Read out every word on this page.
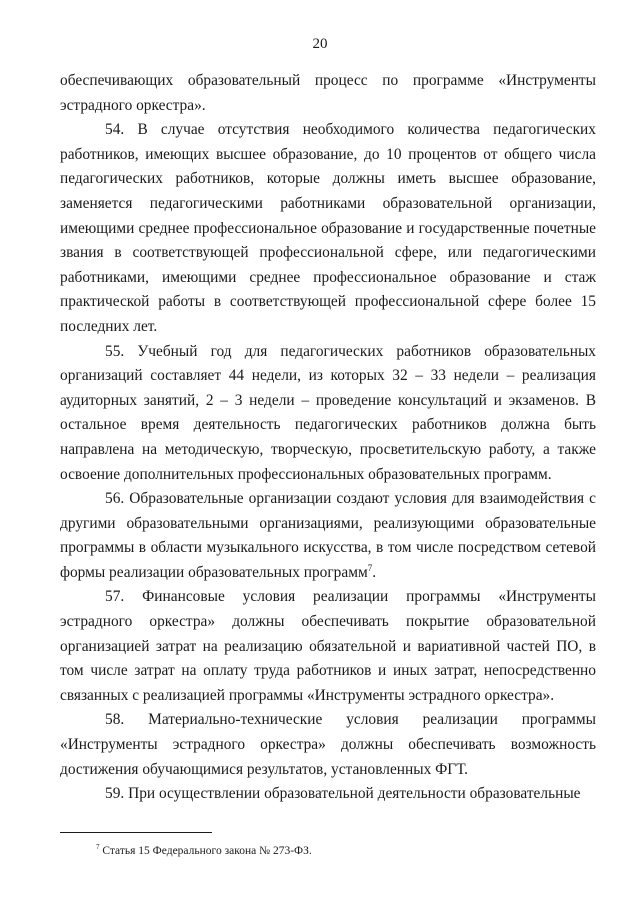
20

обеспечивающих образовательный процесс по программе «Инструменты эстрадного оркестра».

54. В случае отсутствия необходимого количества педагогических работников, имеющих высшее образование, до 10 процентов от общего числа педагогических работников, которые должны иметь высшее образование, заменяется педагогическими работниками образовательной организации, имеющими среднее профессиональное образование и государственные почетные звания в соответствующей профессиональной сфере, или педагогическими работниками, имеющими среднее профессиональное образование и стаж практической работы в соответствующей профессиональной сфере более 15 последних лет.

55. Учебный год для педагогических работников образовательных организаций составляет 44 недели, из которых 32 – 33 недели – реализация аудиторных занятий, 2 – 3 недели – проведение консультаций и экзаменов. В остальное время деятельность педагогических работников должна быть направлена на методическую, творческую, просветительскую работу, а также освоение дополнительных профессиональных образовательных программ.

56. Образовательные организации создают условия для взаимодействия с другими образовательными организациями, реализующими образовательные программы в области музыкального искусства, в том числе посредством сетевой формы реализации образовательных программ$^7$.

57. Финансовые условия реализации программы «Инструменты эстрадного оркестра» должны обеспечивать покрытие образовательной организацией затрат на реализацию обязательной и вариативной частей ПО, в том числе затрат на оплату труда работников и иных затрат, непосредственно связанных с реализацией программы «Инструменты эстрадного оркестра».

58. Материально-технические условия реализации программы «Инструменты эстрадного оркестра» должны обеспечивать возможность достижения обучающимися результатов, установленных ФГТ.

59. При осуществлении образовательной деятельности образовательные

$^7$ Статья 15 Федерального закона № 273-ФЗ.
